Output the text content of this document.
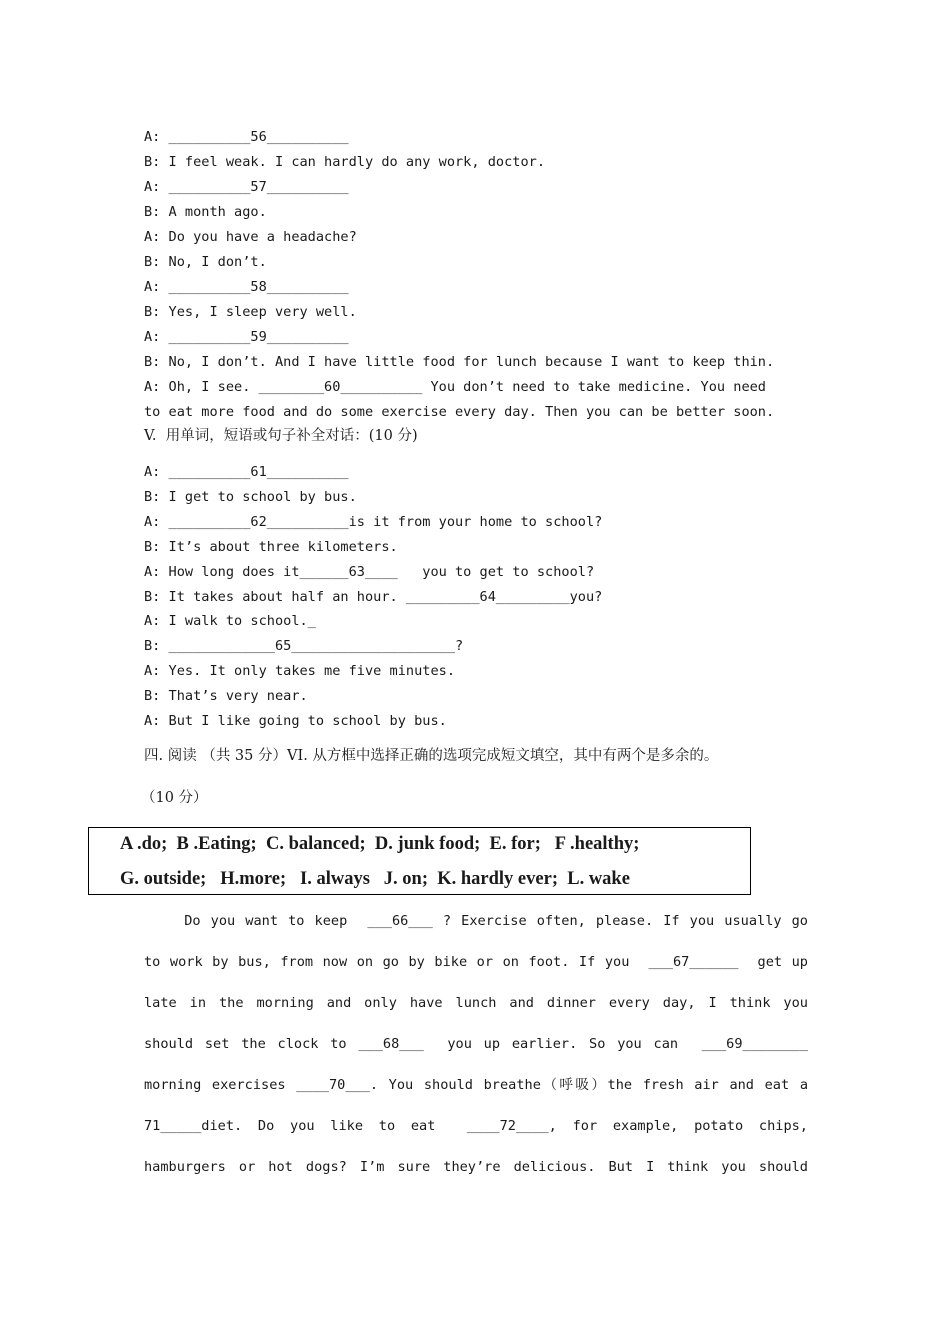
A: __________56__________
B: I feel weak. I can hardly do any work, doctor.
A: __________57__________
B: A month ago.
A: Do you have a headache?
B: No, I don’t.
A: __________58__________
B: Yes, I sleep very well.
A: __________59__________
B: No, I don’t. And I have little food for lunch because I want to keep thin.
A: Oh, I see. ________60__________ You don’t need to take medicine. You need
to eat more food and do some exercise every day. Then you can be better soon.
V.  用单词，短语或句子补全对话：(10 分)
A: __________61__________
B: I get to school by bus.
A: __________62__________is it from your home to school?
B: It’s about three kilometers.
A: How long does it______63____   you to get to school?
B: It takes about half an hour. _________64_________you?
A: I walk to school._
B: _____________65____________________?
A: Yes. It only takes me five minutes.
B: That’s very near.
A: But I like going to school by bus.
四. 阅读 （共 35 分）VI. 从方框中选择正确的选项完成短文填空，其中有两个是多余的。
（10 分）
A .do;  B .Eating;  C. balanced;  D. junk food;  E. for;   F .healthy;
G. outside;   H.more;   I. always   J. on;  K. hardly ever;  L. wake
Do you want to keep  ___66___ ? Exercise often, please. If you usually go
to work by bus, from now on go by bike or on foot. If you  ___67______  get up
late in the morning and only have lunch and dinner every day, I think you
should set the clock to ___68___  you up earlier. So you can  ___69________
morning exercises ____70___. You should breathe（呼吸）the fresh air and eat a
71_____diet. Do you like to eat  ____72____, for example, potato chips,
hamburgers or hot dogs? I’m sure they’re delicious. But I think you should
